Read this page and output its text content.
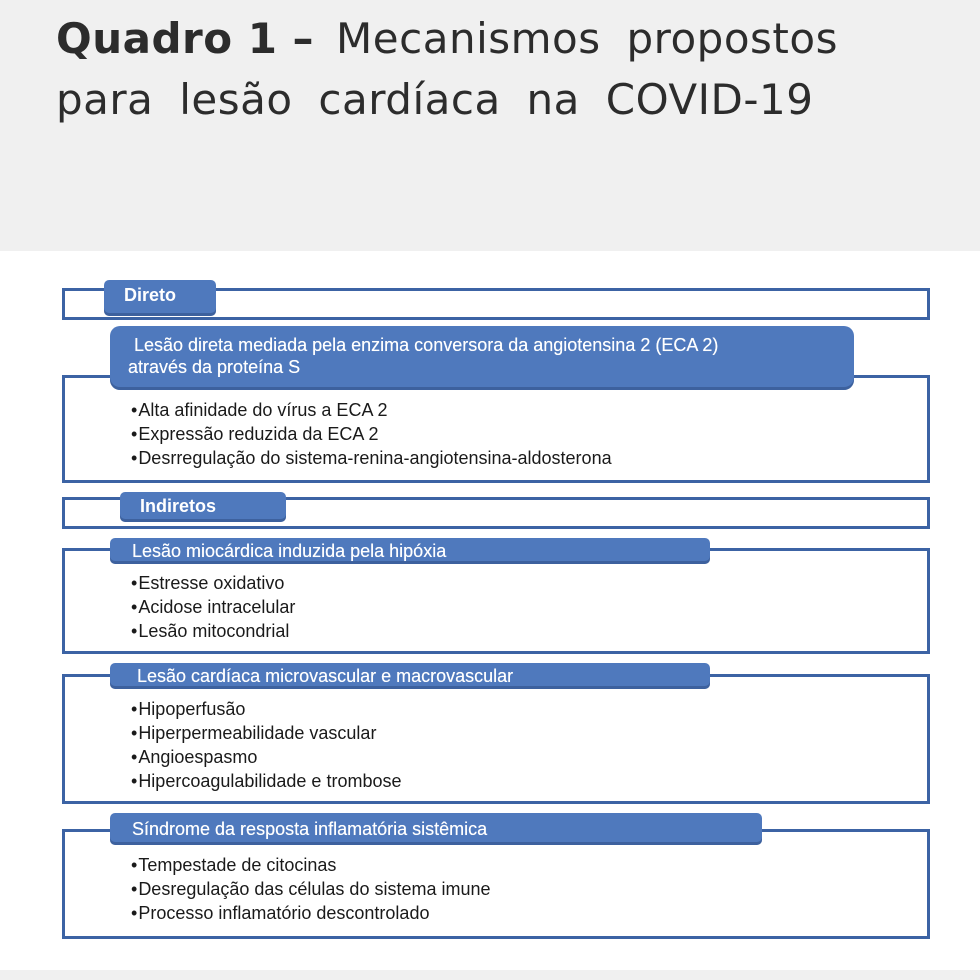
Quadro 1 – Mecanismos propostos para lesão cardíaca na COVID-19
Direto
Lesão direta mediada pela enzima conversora da angiotensina 2 (ECA 2)
através da proteína S
• Alta afinidade do vírus a ECA 2
• Expressão reduzida da ECA 2
• Desrregulação do sistema-renina-angiotensina-aldosterona
Indiretos
Lesão miocárdica induzida pela hipóxia
• Estresse oxidativo
• Acidose intracelular
• Lesão mitocondrial
Lesão cardíaca microvascular e macrovascular
• Hipoperfusão
• Hiperpermeabilidade vascular
• Angioespasmo
• Hipercoagulabilidade e trombose
Síndrome da resposta inflamatória sistêmica
• Tempestade de citocinas
• Desregulação das células do sistema imune
• Processo inflamatório descontrolado
